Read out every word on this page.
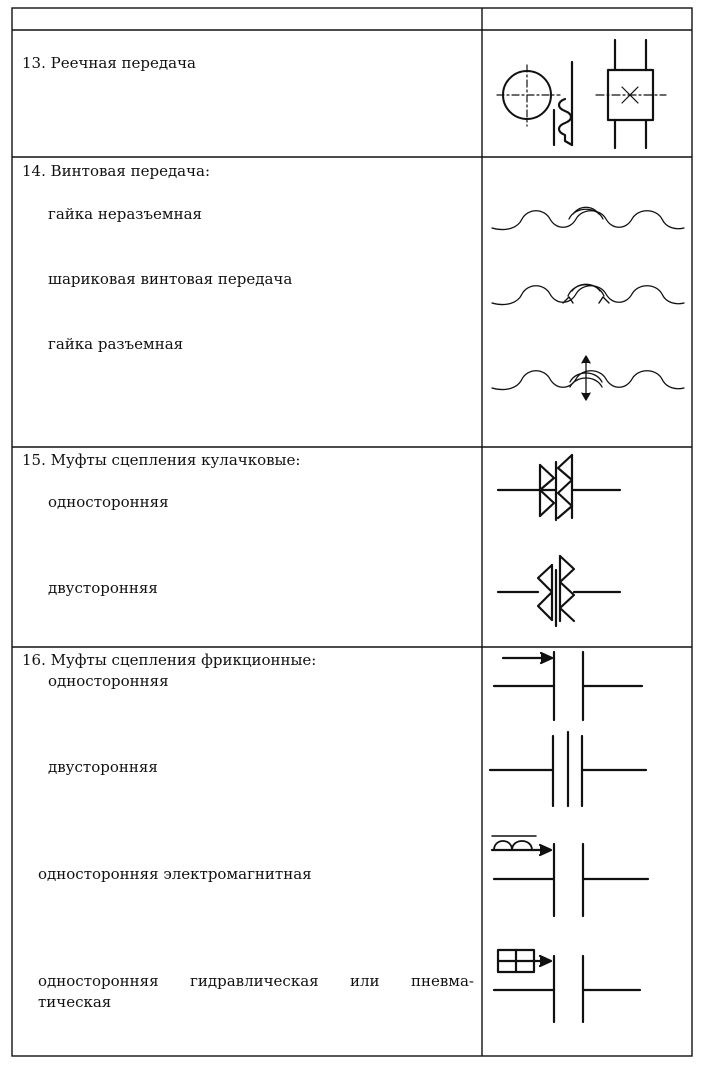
13. Реечная передача
14. Винтовая передача:
гайка неразъемная
шариковая винтовая передача
гайка разъемная
15. Муфты сцепления кулачковые:
односторонняя
двусторонняя
16. Муфты сцепления фрикционные:
односторонняя
двусторонняя
односторонняя электромагнитная
односторонняя гидравлическая или пневма-
тическая
